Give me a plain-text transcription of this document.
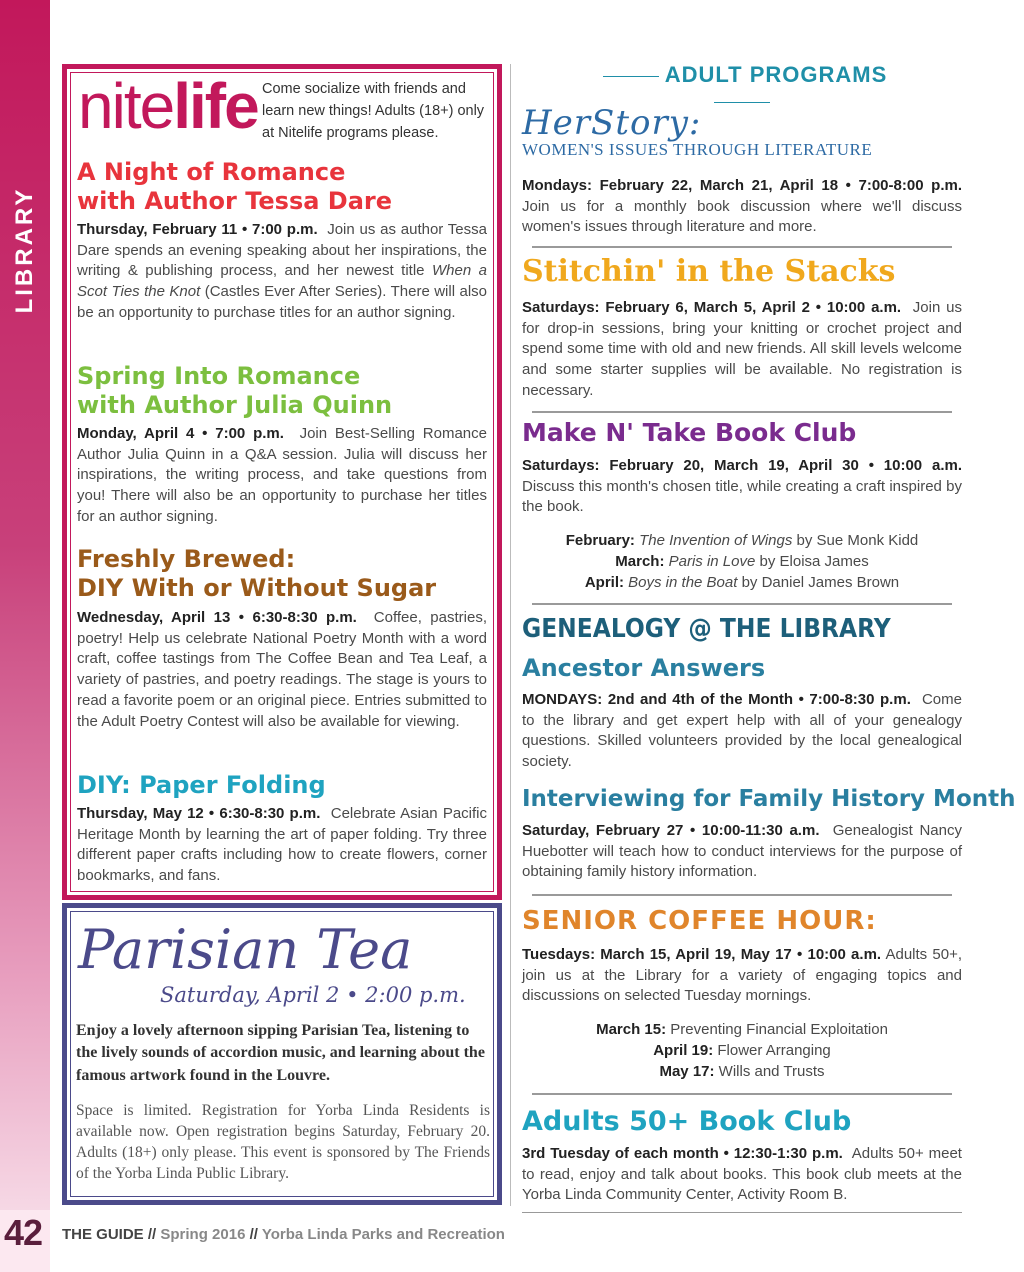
LIBRARY
42 THE GUIDE // Spring 2016 // Yorba Linda Parks and Recreation
nitelife Come socialize with friends and learn new things! Adults (18+) only at Nitelife programs please.
A Night of Romance
with Author Tessa Dare
Thursday, February 11 • 7:00 p.m. Join us as author Tessa Dare spends an evening speaking about her inspirations, the writing & publishing process, and her newest title When a Scot Ties the Knot (Castles Ever After Series). There will also be an opportunity to purchase titles for an author signing.
Spring Into Romance
with Author Julia Quinn
Monday, April 4 • 7:00 p.m. Join Best-Selling Romance Author Julia Quinn in a Q&A session. Julia will discuss her inspirations, the writing process, and take questions from you! There will also be an opportunity to purchase her titles for an author signing.
Freshly Brewed:
DIY With or Without Sugar
Wednesday, April 13 • 6:30-8:30 p.m. Coffee, pastries, poetry! Help us celebrate National Poetry Month with a word craft, coffee tastings from The Coffee Bean and Tea Leaf, a variety of pastries, and poetry readings. The stage is yours to read a favorite poem or an original piece. Entries submitted to the Adult Poetry Contest will also be available for viewing.
DIY: Paper Folding
Thursday, May 12 • 6:30-8:30 p.m. Celebrate Asian Pacific Heritage Month by learning the art of paper folding. Try three different paper crafts including how to create flowers, corner bookmarks, and fans.
Parisian Tea
Saturday, April 2 • 2:00 p.m.
Enjoy a lovely afternoon sipping Parisian Tea, listening to the lively sounds of accordion music, and learning about the famous artwork found in the Louvre.
Space is limited. Registration for Yorba Linda Residents is available now. Open registration begins Saturday, February 20. Adults (18+) only please. This event is sponsored by The Friends of the Yorba Linda Public Library.
ADULT PROGRAMS
HerStory:
WOMEN'S ISSUES THROUGH LITERATURE
Mondays: February 22, March 21, April 18 • 7:00-8:00 p.m. Join us for a monthly book discussion where we'll discuss women's issues through literature and more.
Stitchin' in the Stacks
Saturdays: February 6, March 5, April 2 • 10:00 a.m. Join us for drop-in sessions, bring your knitting or crochet project and spend some time with old and new friends. All skill levels welcome and some starter supplies will be available. No registration is necessary.
Make N' Take Book Club
Saturdays: February 20, March 19, April 30 • 10:00 a.m. Discuss this month's chosen title, while creating a craft inspired by the book.
February: The Invention of Wings by Sue Monk Kidd
March: Paris in Love by Eloisa James
April: Boys in the Boat by Daniel James Brown
GENEALOGY @ THE LIBRARY
Ancestor Answers
MONDAYS: 2nd and 4th of the Month • 7:00-8:30 p.m. Come to the library and get expert help with all of your genealogy questions. Skilled volunteers provided by the local genealogical society.
Interviewing for Family History Month
Saturday, February 27 • 10:00-11:30 a.m. Genealogist Nancy Huebotter will teach how to conduct interviews for the purpose of obtaining family history information.
SENIOR COFFEE HOUR:
Tuesdays: March 15, April 19, May 17 • 10:00 a.m. Adults 50+, join us at the Library for a variety of engaging topics and discussions on selected Tuesday mornings.
March 15: Preventing Financial Exploitation
April 19: Flower Arranging
May 17: Wills and Trusts
Adults 50+ Book Club
3rd Tuesday of each month • 12:30-1:30 p.m. Adults 50+ meet to read, enjoy and talk about books. This book club meets at the Yorba Linda Community Center, Activity Room B.
